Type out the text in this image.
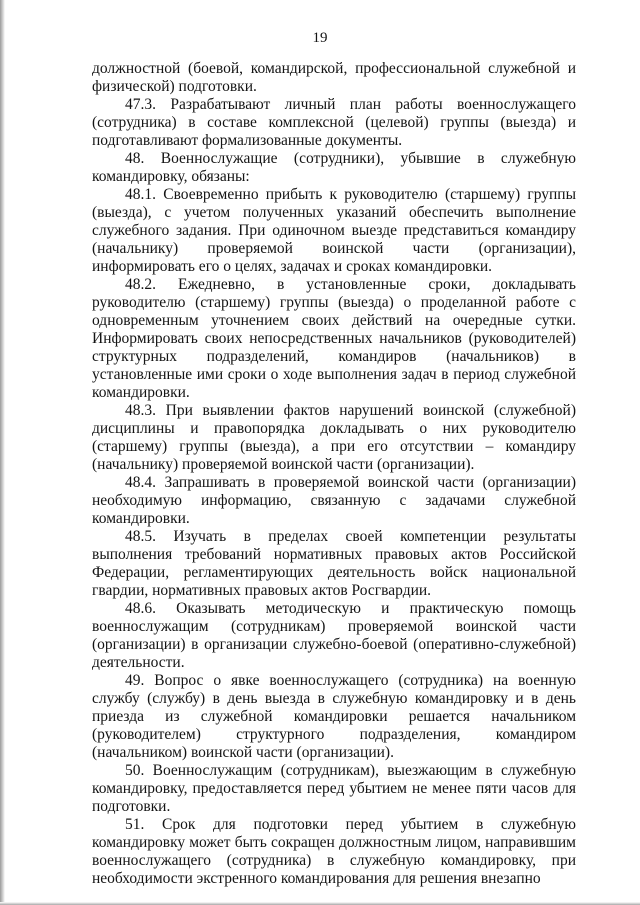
19

должностной (боевой, командирской, профессиональной служебной и физической) подготовки.

47.3. Разрабатывают личный план работы военнослужащего (сотрудника) в составе комплексной (целевой) группы (выезда) и подготавливают формализованные документы.

48. Военнослужащие (сотрудники), убывшие в служебную командировку, обязаны:

48.1. Своевременно прибыть к руководителю (старшему) группы (выезда), с учетом полученных указаний обеспечить выполнение служебного задания. При одиночном выезде представиться командиру (начальнику) проверяемой воинской части (организации), информировать его о целях, задачах и сроках командировки.

48.2. Ежедневно, в установленные сроки, докладывать руководителю (старшему) группы (выезда) о проделанной работе с одновременным уточнением своих действий на очередные сутки. Информировать своих непосредственных начальников (руководителей) структурных подразделений, командиров (начальников) в установленные ими сроки о ходе выполнения задач в период служебной командировки.

48.3. При выявлении фактов нарушений воинской (служебной) дисциплины и правопорядка докладывать о них руководителю (старшему) группы (выезда), а при его отсутствии – командиру (начальнику) проверяемой воинской части (организации).

48.4. Запрашивать в проверяемой воинской части (организации) необходимую информацию, связанную с задачами служебной командировки.

48.5. Изучать в пределах своей компетенции результаты выполнения требований нормативных правовых актов Российской Федерации, регламентирующих деятельность войск национальной гвардии, нормативных правовых актов Росгвардии.

48.6. Оказывать методическую и практическую помощь военнослужащим (сотрудникам) проверяемой воинской части (организации) в организации служебно-боевой (оперативно-служебной) деятельности.

49. Вопрос о явке военнослужащего (сотрудника) на военную службу (службу) в день выезда в служебную командировку и в день приезда из служебной командировки решается начальником (руководителем) структурного подразделения, командиром (начальником) воинской части (организации).

50. Военнослужащим (сотрудникам), выезжающим в служебную командировку, предоставляется перед убытием не менее пяти часов для подготовки.

51. Срок для подготовки перед убытием в служебную командировку может быть сокращен должностным лицом, направившим военнослужащего (сотрудника) в служебную командировку, при необходимости экстренного командирования для решения внезапно
